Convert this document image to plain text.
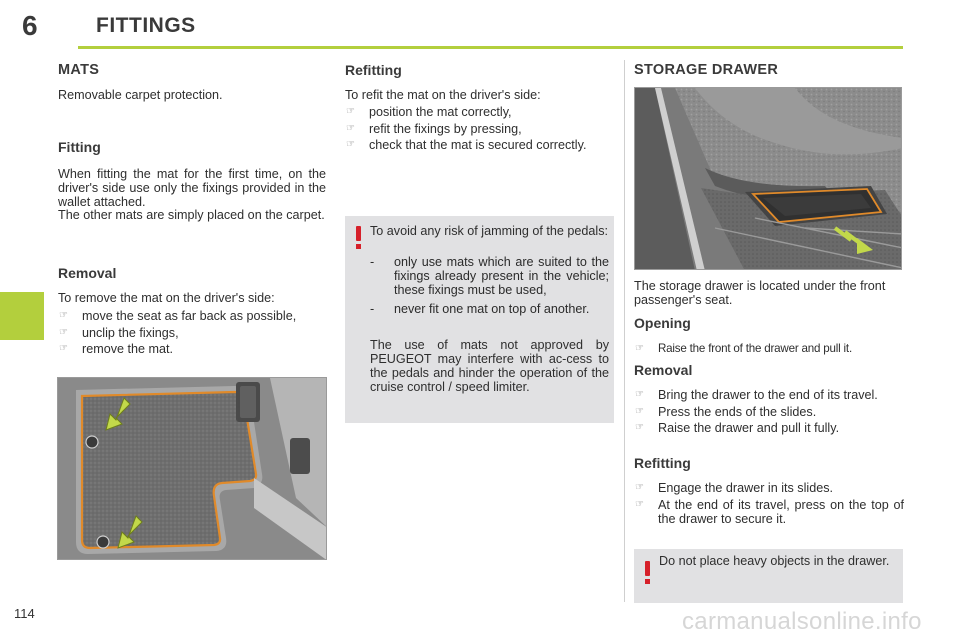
6	FITTINGS
MATS
Removable carpet protection.
Fitting
When fitting the mat for the first time, on the driver's side use only the fixings provided in the wallet attached.
The other mats are simply placed on the carpet.
Removal
To remove the mat on the driver's side:
☞ move the seat as far back as possible,
☞ unclip the fixings,
☞ remove the mat.
Refitting
To refit the mat on the driver's side:
☞ position the mat correctly,
☞ refit the fixings by pressing,
☞ check that the mat is secured correctly.
To avoid any risk of jamming of the pedals:
- only use mats which are suited to the fixings already present in the vehicle; these fixings must be used,
- never fit one mat on top of another.
The use of mats not approved by PEUGEOT may interfere with ac-cess to the pedals and hinder the operation of the cruise control / speed limiter.
STORAGE DRAWER
The storage drawer is located under the front passenger's seat.
Opening
☞ Raise the front of the drawer and pull it.
Removal
☞ Bring the drawer to the end of its travel.
☞ Press the ends of the slides.
☞ Raise the drawer and pull it fully.
Refitting
☞ Engage the drawer in its slides.
☞ At the end of its travel, press on the top of the drawer to secure it.
Do not place heavy objects in the drawer.
114	carmanualsonline.info
